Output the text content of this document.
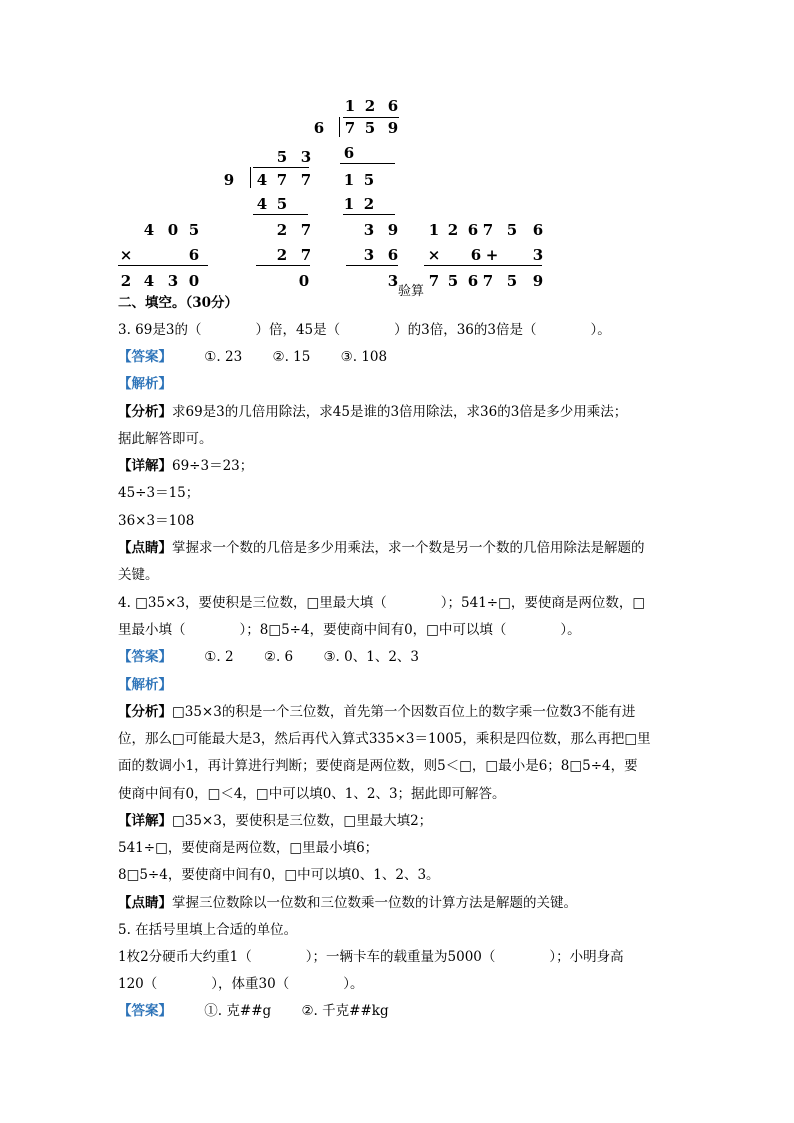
1 2 6
6	7 5 9
6
1 5
1 2
3 9
3 6
3
5 3
9	4 7 7
4 5
2 7
2 7
0
4 0 5
×	6
2 4 3 0
1 2 6 7 5	6
×	6 +	3
7 5 6 7 5	9
验算
二、填空。（30分）
3. 69是3的（　　　　）倍，45是（　　　　）的3倍，36的3倍是（　　　　）。
【答案】 ①. 23 ②. 15 ③. 108
【解析】
【分析】求69是3的几倍用除法，求45是谁的3倍用除法，求36的3倍是多少用乘法；
据此解答即可。
【详解】69÷3＝23；
45÷3＝15；
36×3＝108
【点睛】掌握求一个数的几倍是多少用乘法，求一个数是另一个数的几倍用除法是解题的
关键。
4. □35×3，要使积是三位数，□里最大填（　　　　）；541÷□，要使商是两位数，□
里最小填（　　　　）；8□5÷4，要使商中间有0，□中可以填（　　　　）。
【答案】 ①. 2 ②. 6 ③. 0、1、2、3
【解析】
【分析】□35×3的积是一个三位数，首先第一个因数百位上的数字乘一位数3不能有进
位，那么□可能最大是3，然后再代入算式335×3＝1005，乘积是四位数，那么再把□里
面的数调小1，再计算进行判断；要使商是两位数，则5＜□，□最小是6；8□5÷4，要
使商中间有0，□＜4，□中可以填0、1、2、3；据此即可解答。
【详解】□35×3，要使积是三位数，□里最大填2；
541÷□，要使商是两位数，□里最小填6；
8□5÷4，要使商中间有0，□中可以填0、1、2、3。
【点睛】掌握三位数除以一位数和三位数乘一位数的计算方法是解题的关键。
5. 在括号里填上合适的单位。
1枚2分硬币大约重1（　　　　）；一辆卡车的载重量为5000（　　　　）；小明身高
120（　　　　），体重30（　　　　）。
【答案】 ①. 克##g ②. 千克##kg
